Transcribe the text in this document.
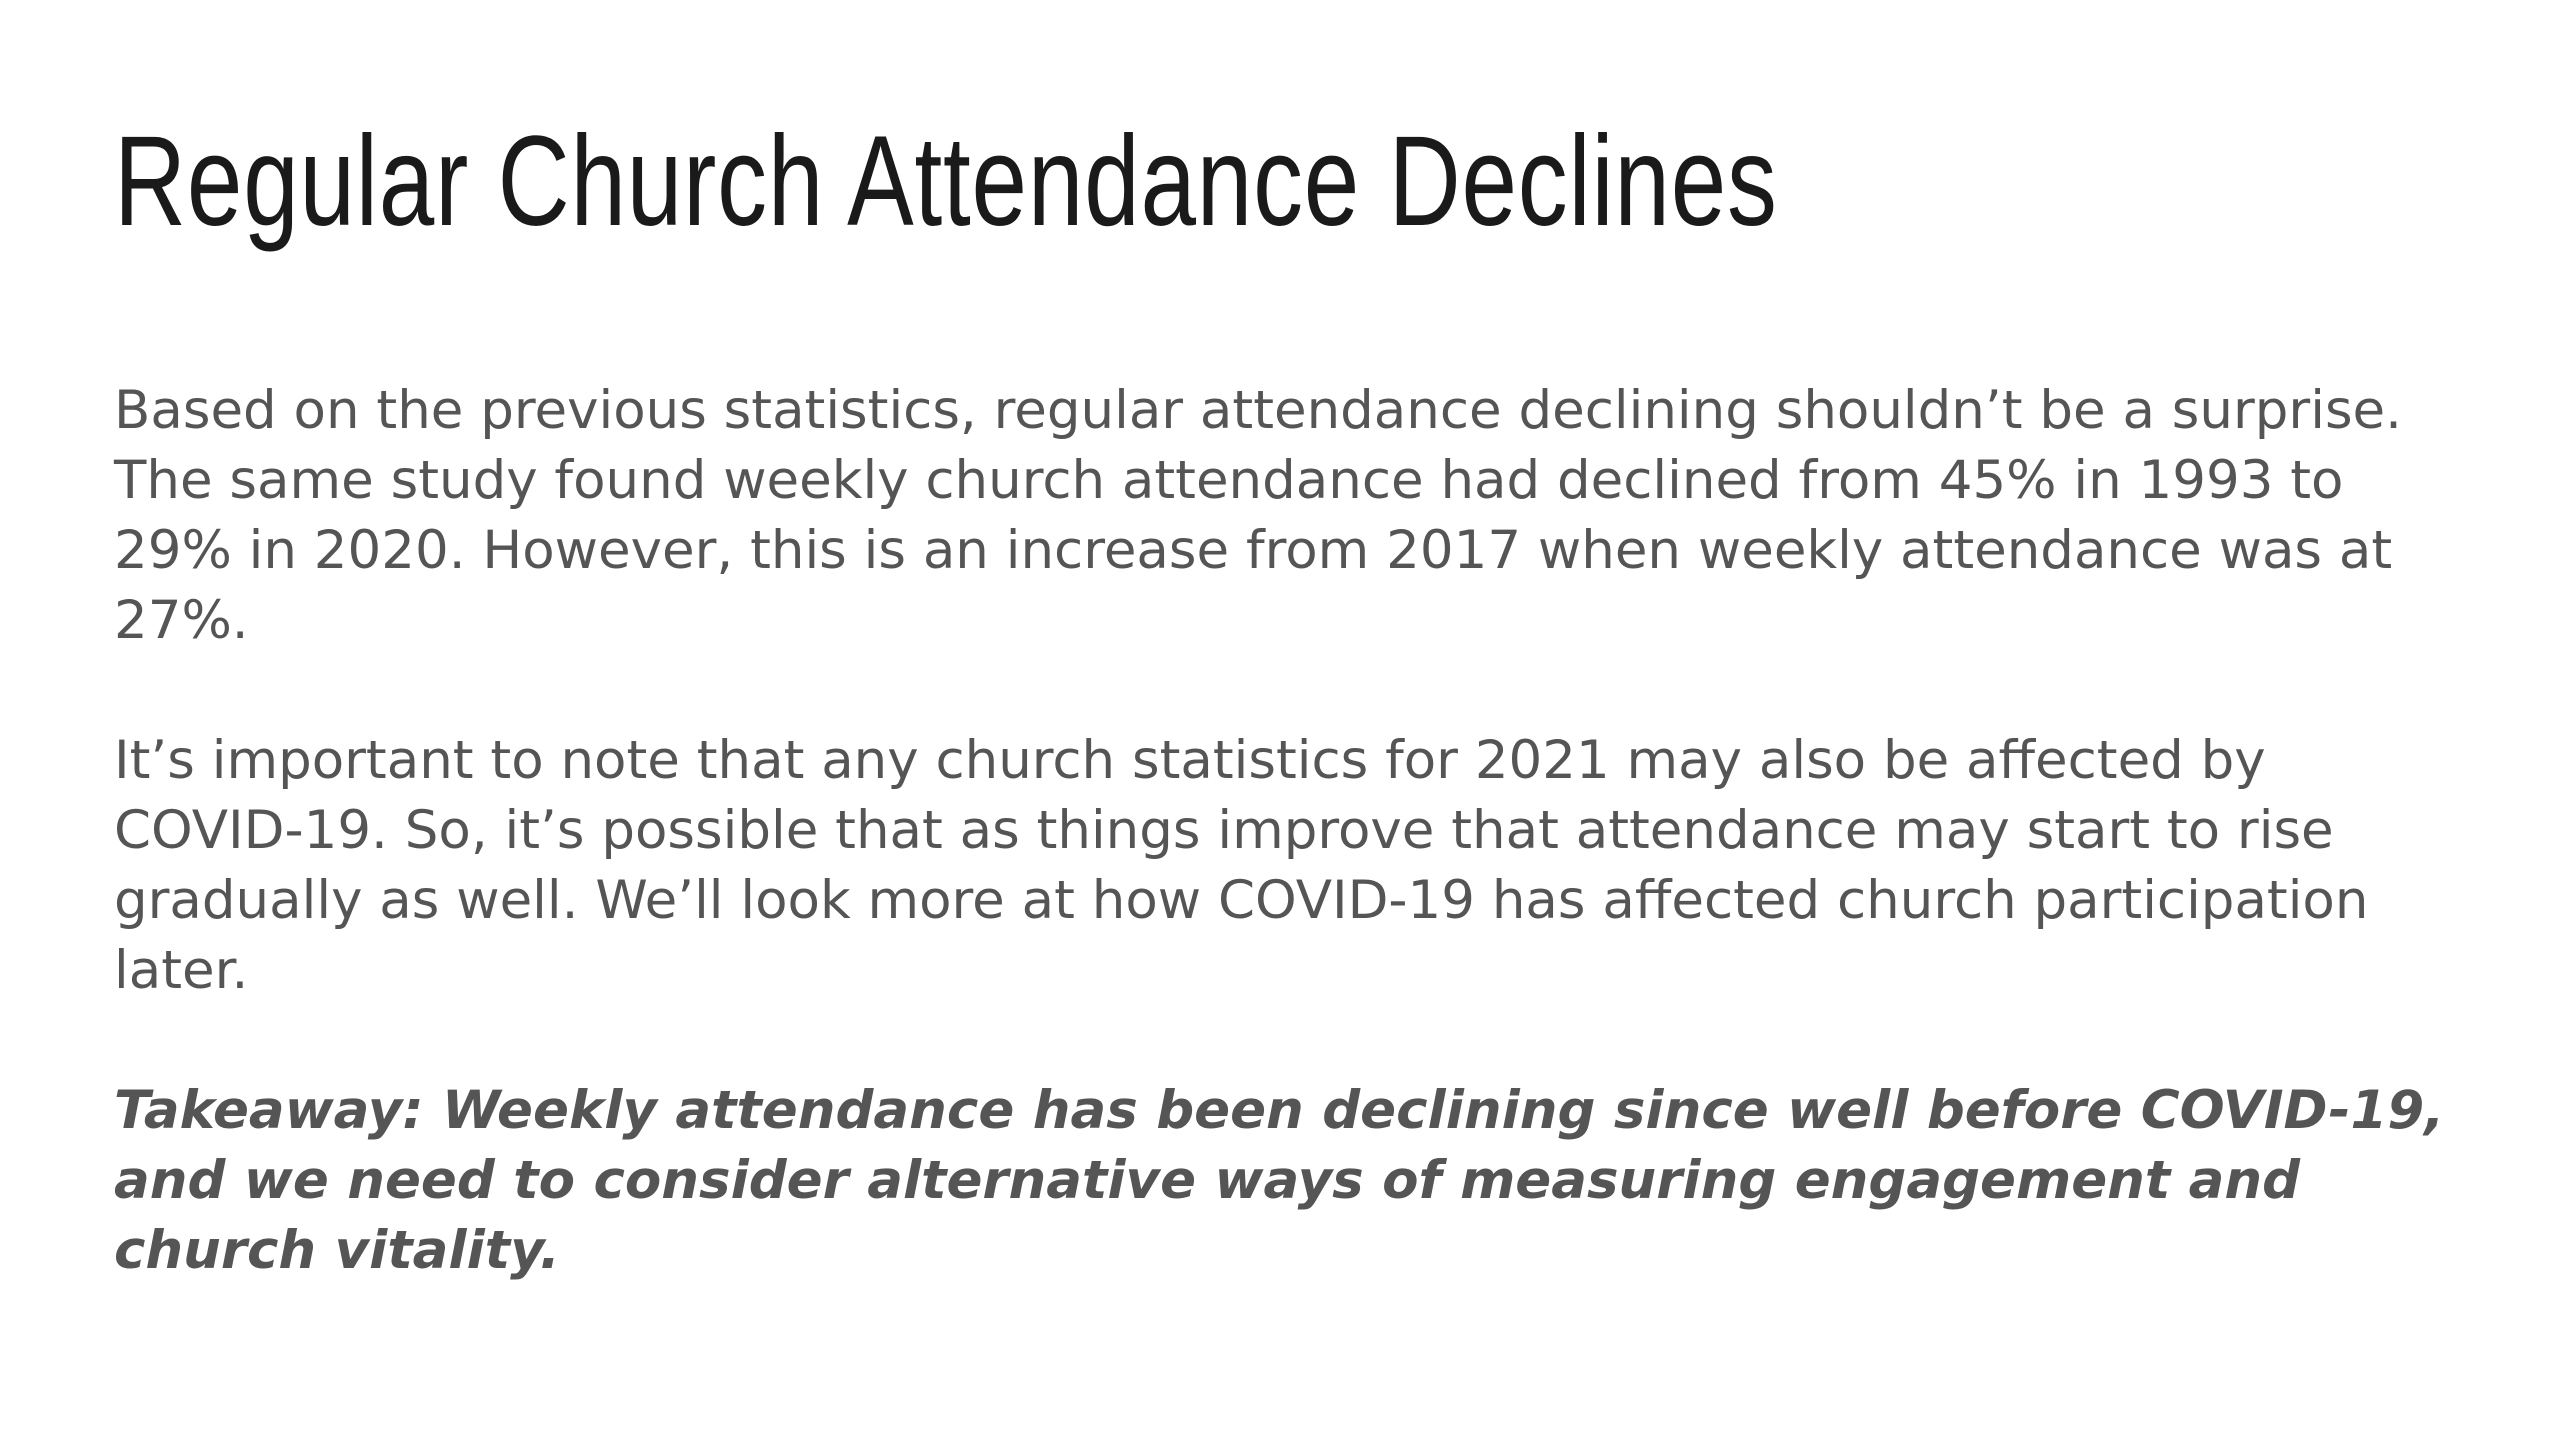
Regular Church Attendance Declines

Based on the previous statistics, regular attendance declining shouldn’t be a surprise. The same study found weekly church attendance had declined from 45% in 1993 to 29% in 2020. However, this is an increase from 2017 when weekly attendance was at 27%.

It’s important to note that any church statistics for 2021 may also be affected by COVID-19. So, it’s possible that as things improve that attendance may start to rise gradually as well. We’ll look more at how COVID-19 has affected church participation later.

Takeaway: Weekly attendance has been declining since well before COVID-19, and we need to consider alternative ways of measuring engagement and church vitality.
